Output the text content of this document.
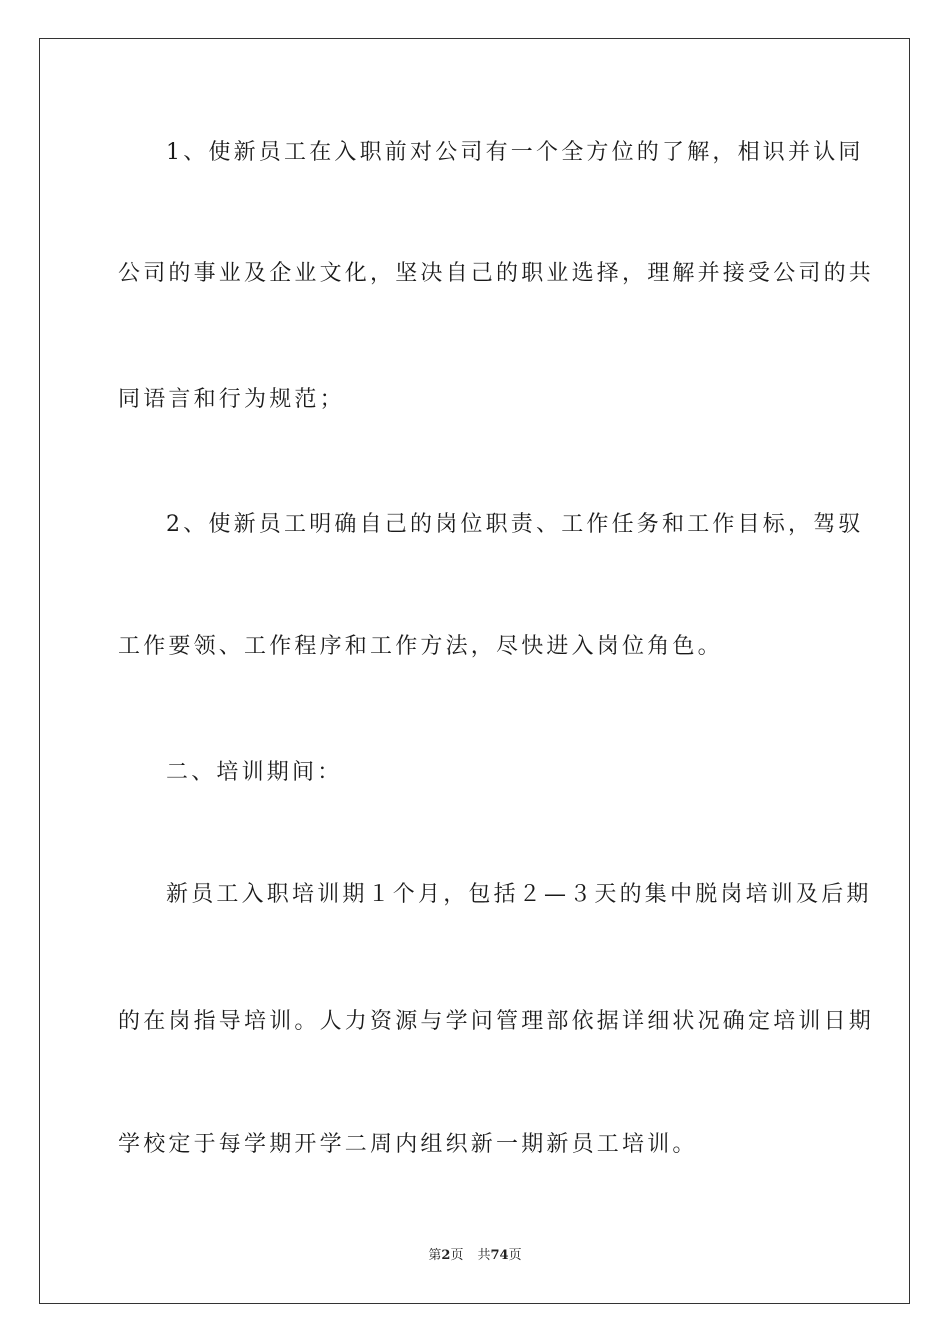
1、使新员工在入职前对公司有一个全方位的了解，相识并认同
公司的事业及企业文化，坚决自己的职业选择，理解并接受公司的共
同语言和行为规范；
2、使新员工明确自己的岗位职责、工作任务和工作目标，驾驭
工作要领、工作程序和工作方法，尽快进入岗位角色。
二、培训期间：
新员工入职培训期１个月，包括２—３天的集中脱岗培训及后期
的在岗指导培训。人力资源与学问管理部依据详细状况确定培训日期
学校定于每学期开学二周内组织新一期新员工培训。
第2页 共74页
